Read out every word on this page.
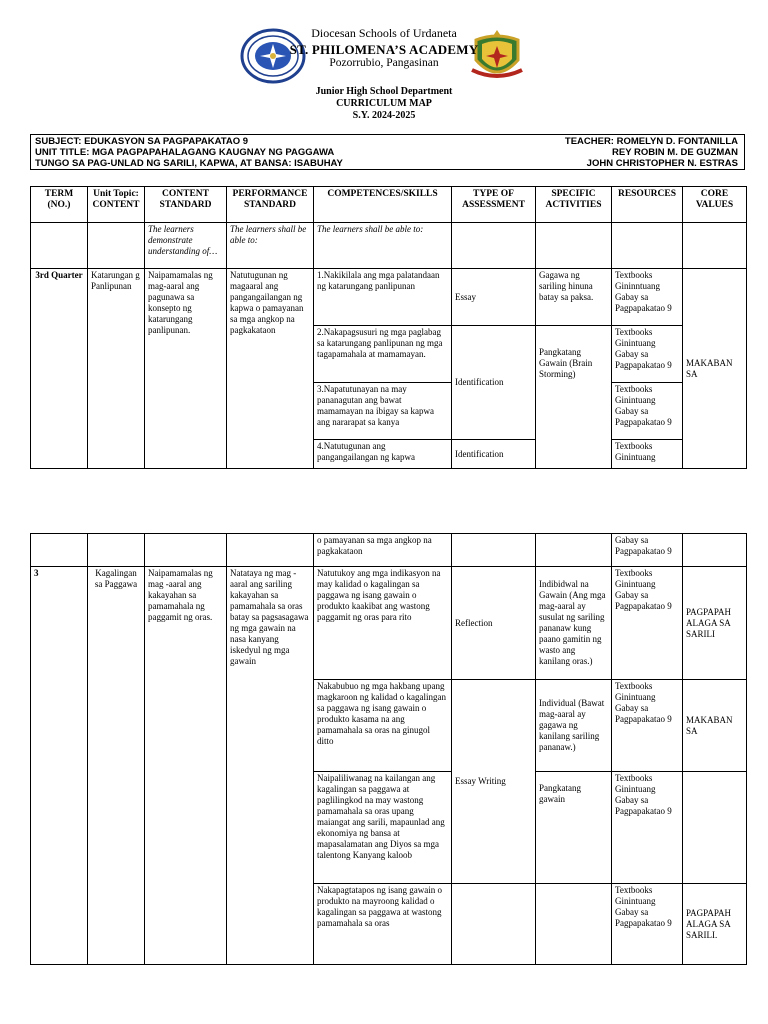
Diocesan Schools of Urdaneta
ST. PHILOMENA’S ACADEMY
Pozorrubio, Pangasinan
Junior High School Department
CURRICULUM MAP
S.Y. 2024-2025
SUBJECT: EDUKASYON SA PAGPAPAKATAO 9
UNIT TITLE: MGA PAGPAPAHALAGANG KAUGNAY NG PAGGAWA
TUNGO SA PAG-UNLAD NG SARILI, KAPWA, AT BANSA: ISABUHAY
TEACHER: ROMELYN D. FONTANILLA
REY ROBIN M. DE GUZMAN
JOHN CHRISTOPHER N. ESTRAS
TERM (NO.)	Unit Topic: CONTENT	CONTENT STANDARD	PERFORMANCE STANDARD	COMPETENCES/SKILLS	TYPE OF ASSESSMENT	SPECIFIC ACTIVITIES	RESOURCES	CORE VALUES
		The learners demonstrate understanding of…	The learners shall be able to:	The learners shall be able to:				
3rd Quarter	Katarungan g Panlipunan	Naipamamalas ng mag-aaral ang pagunawa sa konsepto ng katarungang panlipunan.	Natutugunan ng magaaral ang pangangailangan ng kapwa o pamayanan sa mga angkop na pagkakataon	1.Nakikilala ang mga palatandaan ng katarungang panlipunan	Essay	Gagawa ng sariling hinuna batay sa paksa.	Textbooks Gininntuang Gabay sa Pagpapakatao 9	MAKABAN SA
				2.Nakapagsusuri ng mga paglabag sa katarungang panlipunan ng mga tagapamahala at mamamayan.	Identification	Pangkatang Gawain (Brain Storming)	Textbooks Ginintuang Gabay sa Pagpapakatao 9	
				3.Napatutunayan na may pananagutan ang bawat mamamayan na ibigay sa kapwa ang nararapat sa kanya			Textbooks Ginintuang Gabay sa Pagpapakatao 9	
				4.Natutugunan ang pangangailangan ng kapwa	Identification		Textbooks Ginintuang	
				o pamayanan sa mga angkop na pagkakataon			Gabay sa Pagpapakatao 9	
3	Kagalingan sa Paggawa	Naipamamalas ng mag -aaral ang kakayahan sa pamamahala ng paggamit ng oras.	Natataya ng mag -aaral ang sariling kakayahan sa pamamahala sa oras batay sa pagsasagawa ng mga gawain na nasa kanyang iskedyul ng mga gawain	Natutukoy ang mga indikasyon na may kalidad o kagalingan sa paggawa ng isang gawain o produkto kaakibat ang wastong paggamit ng oras para rito	Reflection	Indibidwal na Gawain (Ang mga mag-aaral ay susulat ng sariling pananaw kung paano gamitin ng wasto ang kanilang oras.)	Textbooks Ginintuang Gabay sa Pagpapakatao 9	PAGPAPAH ALAGA SA SARILI
				Nakabubuo ng mga hakbang upang magkaroon ng kalidad o kagalingan sa paggawa ng isang gawain o produkto kasama na ang pamamahala sa oras na ginugol ditto	Essay Writing	Individual (Bawat mag-aaral ay gagawa ng kanilang sariling pananaw.)	Textbooks Ginintuang Gabay sa Pagpapakatao 9	MAKABAN SA
				Naipaliliwanag na kailangan ang kagalingan sa paggawa at paglilingkod na may wastong pamamahala sa oras upang maiangat ang sarili, mapaunlad ang ekonomiya ng bansa at mapasalamatan ang Diyos sa mga talentong Kanyang kaloob		Pangkatang gawain	Textbooks Ginintuang Gabay sa Pagpapakatao 9	
				Nakapagtatapos ng isang gawain o produkto na mayroong kalidad o kagalingan sa paggawa at wastong pamamahala sa oras			Textbooks Ginintuang Gabay sa Pagpapakatao 9	PAGPAPAH ALAGA SA SARILI.
